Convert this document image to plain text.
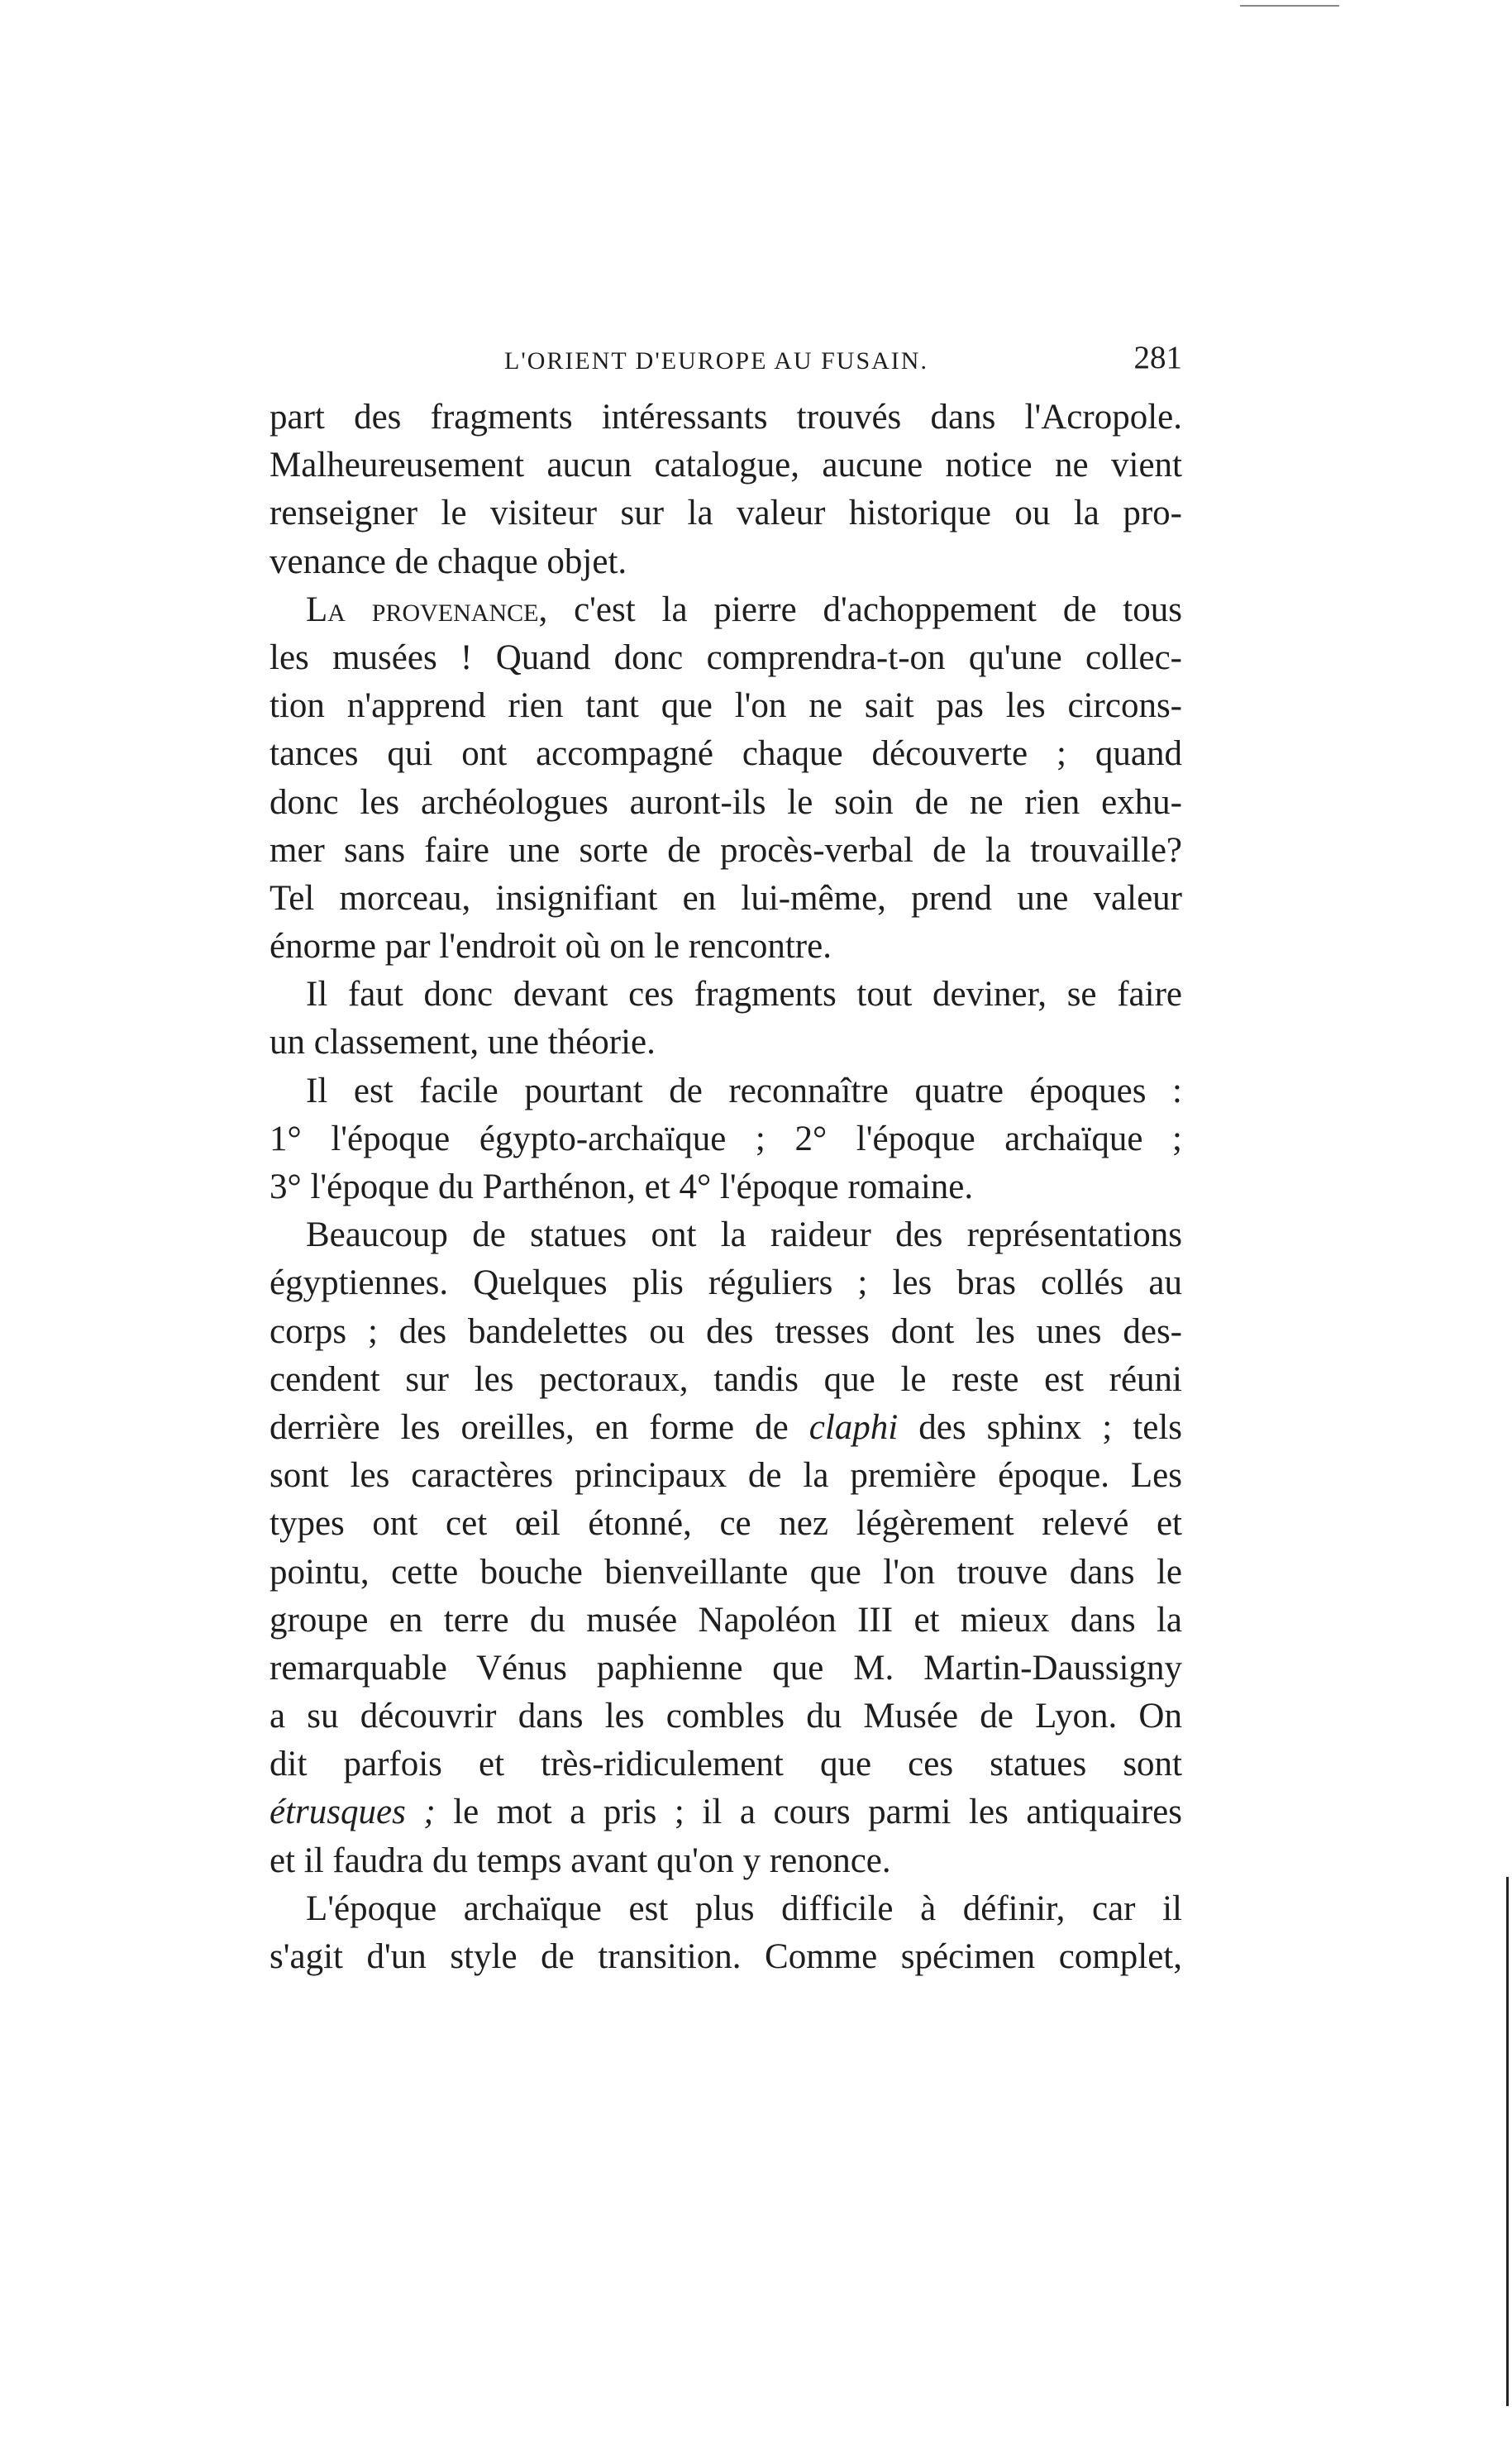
L'ORIENT D'EUROPE AU FUSAIN.	281
part des fragments intéressants trouvés dans l'Acropole.
Malheureusement aucun catalogue, aucune notice ne vient
renseigner le visiteur sur la valeur historique ou la pro-
venance de chaque objet.
La provenance, c'est la pierre d'achoppement de tous
les musées ! Quand donc comprendra-t-on qu'une collec-
tion n'apprend rien tant que l'on ne sait pas les circons-
tances qui ont accompagné chaque découverte ; quand
donc les archéologues auront-ils le soin de ne rien exhu-
mer sans faire une sorte de procès-verbal de la trouvaille?
Tel morceau, insignifiant en lui-même, prend une valeur
énorme par l'endroit où on le rencontre.
Il faut donc devant ces fragments tout deviner, se faire
un classement, une théorie.
Il est facile pourtant de reconnaître quatre époques :
1° l'époque égypto-archaïque ; 2° l'époque archaïque ;
3° l'époque du Parthénon, et 4° l'époque romaine.
Beaucoup de statues ont la raideur des représentations
égyptiennes. Quelques plis réguliers ; les bras collés au
corps ; des bandelettes ou des tresses dont les unes des-
cendent sur les pectoraux, tandis que le reste est réuni
derrière les oreilles, en forme de claphi des sphinx ; tels
sont les caractères principaux de la première époque. Les
types ont cet œil étonné, ce nez légèrement relevé et
pointu, cette bouche bienveillante que l'on trouve dans le
groupe en terre du musée Napoléon III et mieux dans la
remarquable Vénus paphienne que M. Martin-Daussigny
a su découvrir dans les combles du Musée de Lyon. On
dit parfois et très-ridiculement que ces statues sont
étrusques ; le mot a pris ; il a cours parmi les antiquaires
et il faudra du temps avant qu'on y renonce.
L'époque archaïque est plus difficile à définir, car il
s'agit d'un style de transition. Comme spécimen complet,
